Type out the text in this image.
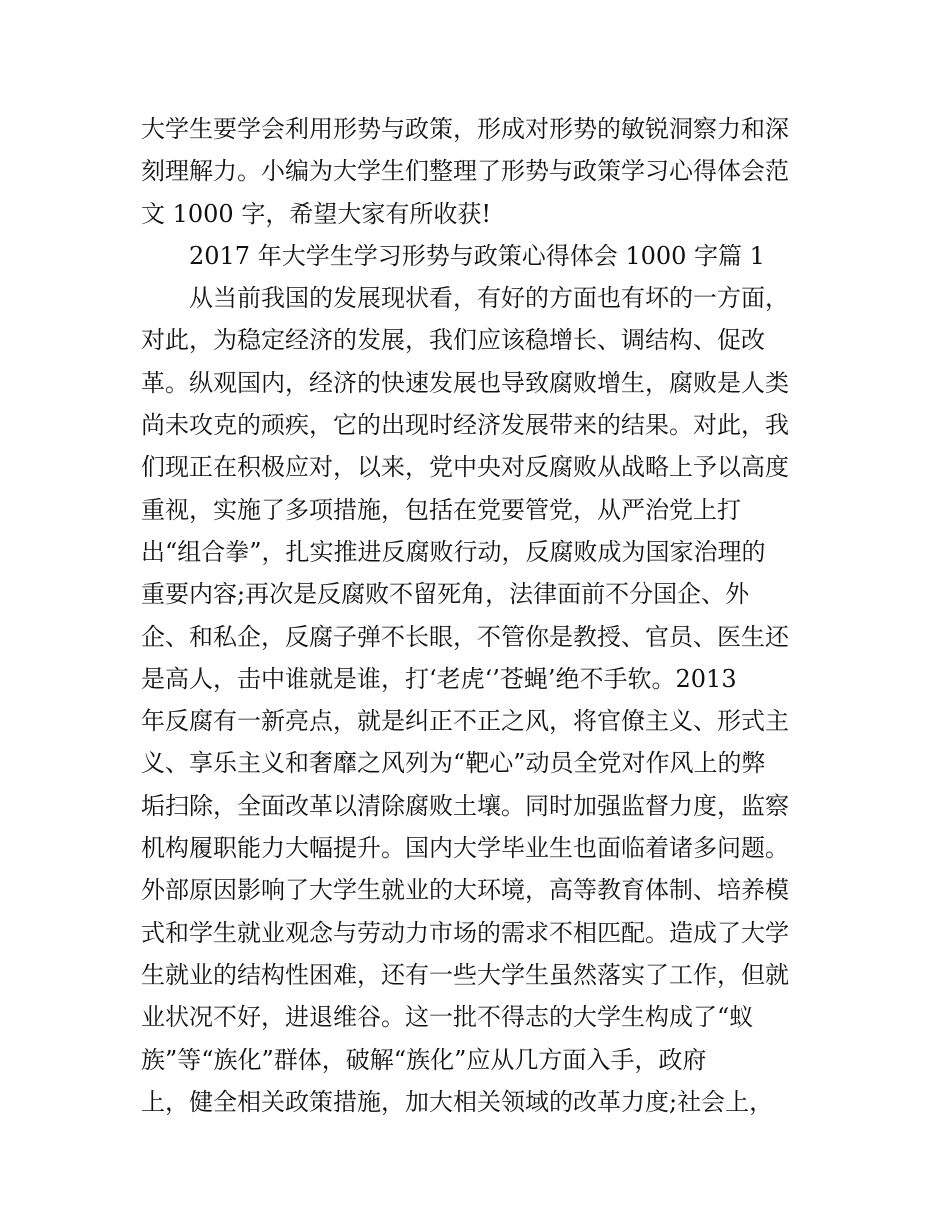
大学生要学会利用形势与政策，形成对形势的敏锐洞察力和深
刻理解力。小编为大学生们整理了形势与政策学习心得体会范
文 1000 字，希望大家有所收获!
2017 年大学生学习形势与政策心得体会 1000 字篇 1
从当前我国的发展现状看，有好的方面也有坏的一方面，
对此，为稳定经济的发展，我们应该稳增长、调结构、促改
革。纵观国内，经济的快速发展也导致腐败增生，腐败是人类
尚未攻克的顽疾，它的出现时经济发展带来的结果。对此，我
们现正在积极应对，以来，党中央对反腐败从战略上予以高度
重视，实施了多项措施，包括在党要管党，从严治党上打
出“组合拳”，扎实推进反腐败行动，反腐败成为国家治理的
重要内容;再次是反腐败不留死角，法律面前不分国企、外
企、和私企，反腐子弹不长眼，不管你是教授、官员、医生还
是高人，击中谁就是谁，打‘老虎‘’苍蝇’绝不手软。2013
年反腐有一新亮点，就是纠正不正之风，将官僚主义、形式主
义、享乐主义和奢靡之风列为“靶心”动员全党对作风上的弊
垢扫除，全面改革以清除腐败土壤。同时加强监督力度，监察
机构履职能力大幅提升。国内大学毕业生也面临着诸多问题。
外部原因影响了大学生就业的大环境，高等教育体制、培养模
式和学生就业观念与劳动力市场的需求不相匹配。造成了大学
生就业的结构性困难，还有一些大学生虽然落实了工作，但就
业状况不好，进退维谷。这一批不得志的大学生构成了“蚁
族”等“族化”群体，破解“族化”应从几方面入手，政府
上，健全相关政策措施，加大相关领域的改革力度;社会上，
